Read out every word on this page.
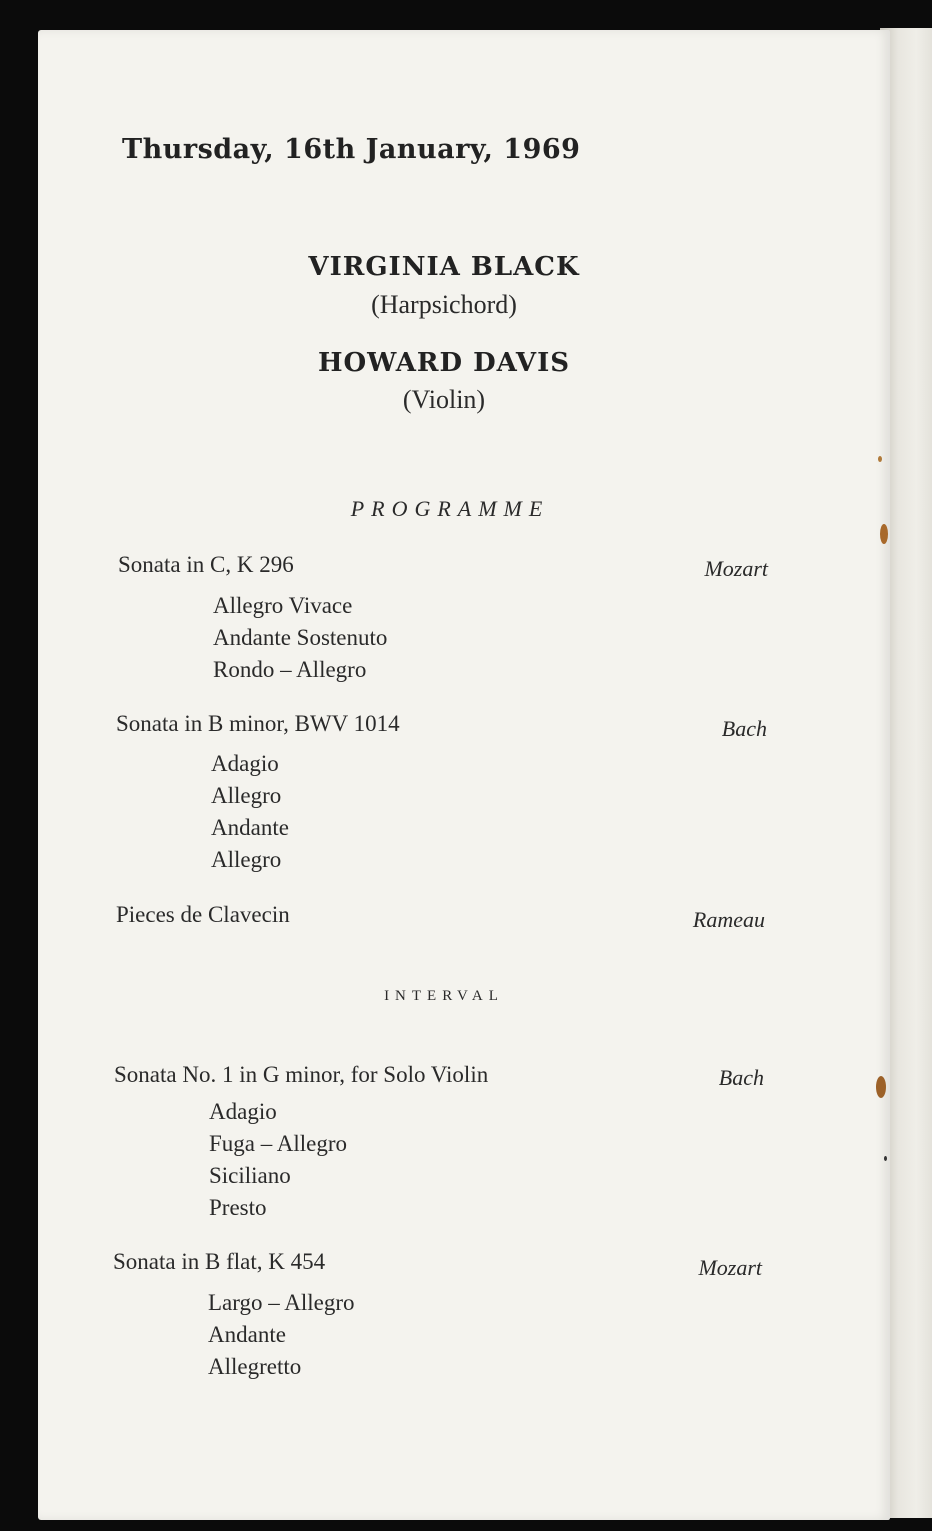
Thursday, 16th January, 1969
VIRGINIA BLACK
(Harpsichord)
HOWARD DAVIS
(Violin)
PROGRAMME
Sonata in C, K 296	Mozart
Allegro Vivace
Andante Sostenuto
Rondo – Allegro
Sonata in B minor, BWV 1014	Bach
Adagio
Allegro
Andante
Allegro
Pieces de Clavecin	Rameau
INTERVAL
Sonata No. 1 in G minor, for Solo Violin	Bach
Adagio
Fuga – Allegro
Siciliano
Presto
Sonata in B flat, K 454	Mozart
Largo – Allegro
Andante
Allegretto
